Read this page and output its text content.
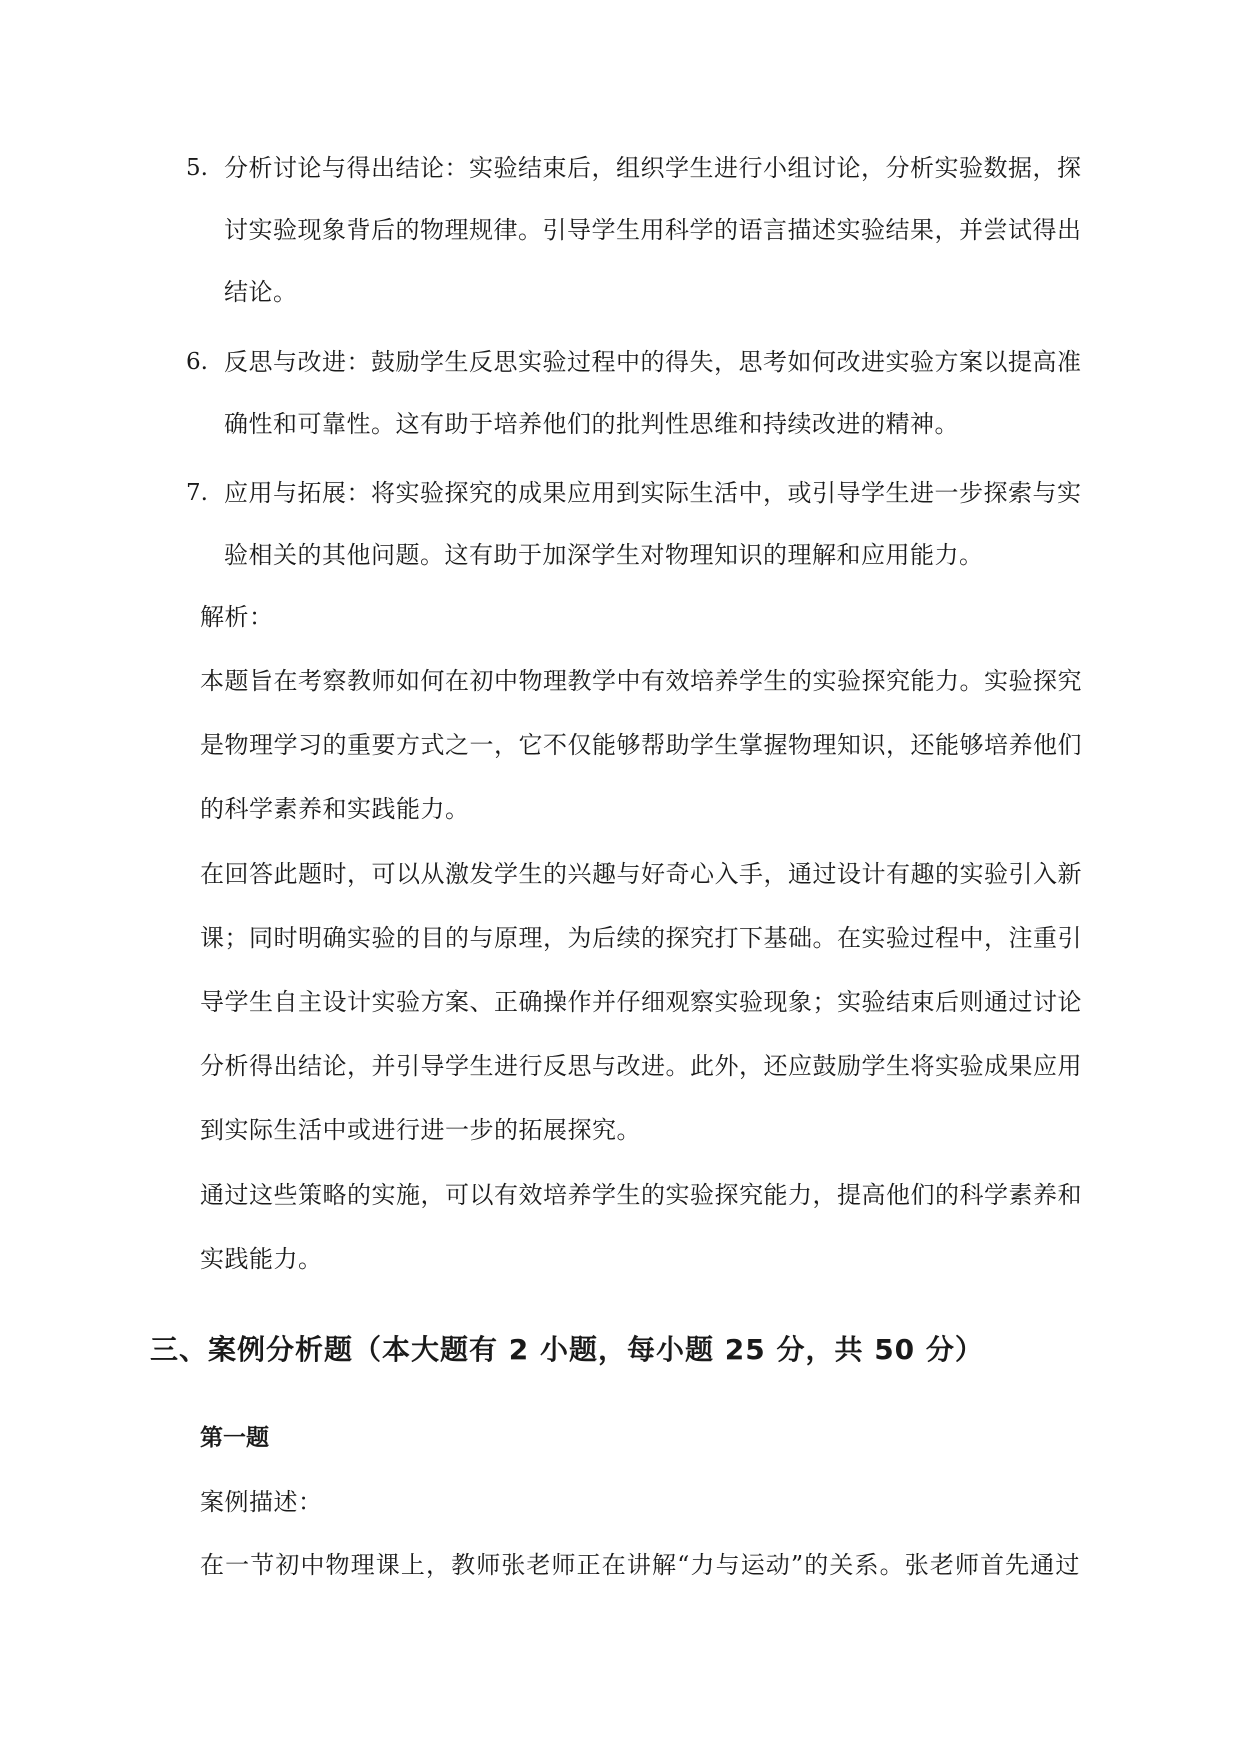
5. 分 析 讨 论 与 得 出 结 论 ： 实 验 结 束 后 ， 组 织 学 生 进 行 小 组 讨 论 ， 分 析 实 验 数 据 ， 探
讨 实 验 现 象 背 后 的 物 理 规 律 。 引 导 学 生 用 科 学 的 语 言 描 述 实 验 结 果 ， 并 尝 试 得 出
结论。
6. 反 思 与 改 进 ： 鼓 励 学 生 反 思 实 验 过 程 中 的 得 失 ， 思 考 如 何 改 进 实 验 方 案 以 提 高 准
确性和可靠性。这有助于培养他们的批判性思维和持续改进的精神。
7. 应 用 与 拓 展 ： 将 实 验 探 究 的 成 果 应 用 到 实 际 生 活 中 ， 或 引 导 学 生 进 一 步 探 索 与 实
验相关的其他问题。这有助于加深学生对物理知识的理解和应用能力。
解析：
本 题 旨 在 考 察 教 师 如 何 在 初 中 物 理 教 学 中 有 效 培 养 学 生 的 实 验 探 究 能 力 。 实 验 探 究
是 物 理 学 习 的 重 要 方 式 之 一 ， 它 不 仅 能 够 帮 助 学 生 掌 握 物 理 知 识 ， 还 能 够 培 养 他 们
的科学素养和实践能力。
在 回 答 此 题 时 ， 可 以 从 激 发 学 生 的 兴 趣 与 好 奇 心 入 手 ， 通 过 设 计 有 趣 的 实 验 引 入 新
课 ； 同 时 明 确 实 验 的 目 的 与 原 理 ， 为 后 续 的 探 究 打 下 基 础 。 在 实 验 过 程 中 ， 注 重 引
导 学 生 自 主 设 计 实 验 方 案 、 正 确 操 作 并 仔 细 观 察 实 验 现 象 ； 实 验 结 束 后 则 通 过 讨 论
分 析 得 出 结 论 ， 并 引 导 学 生 进 行 反 思 与 改 进 。 此 外 ， 还 应 鼓 励 学 生 将 实 验 成 果 应 用
到实际生活中或进行进一步的拓展探究。
通 过 这 些 策 略 的 实 施 ， 可 以 有 效 培 养 学 生 的 实 验 探 究 能 力 ， 提 高 他 们 的 科 学 素 养 和
实践能力。
三、案例分析题（本大题有 2 小题，每小题 25 分，共 50 分）
第一题
案例描述：
在 一 节 初 中 物 理 课 上 ， 教 师 张 老 师 正 在 讲 解 “ 力 与 运 动 ” 的 关 系 。 张 老 师 首 先 通 过
